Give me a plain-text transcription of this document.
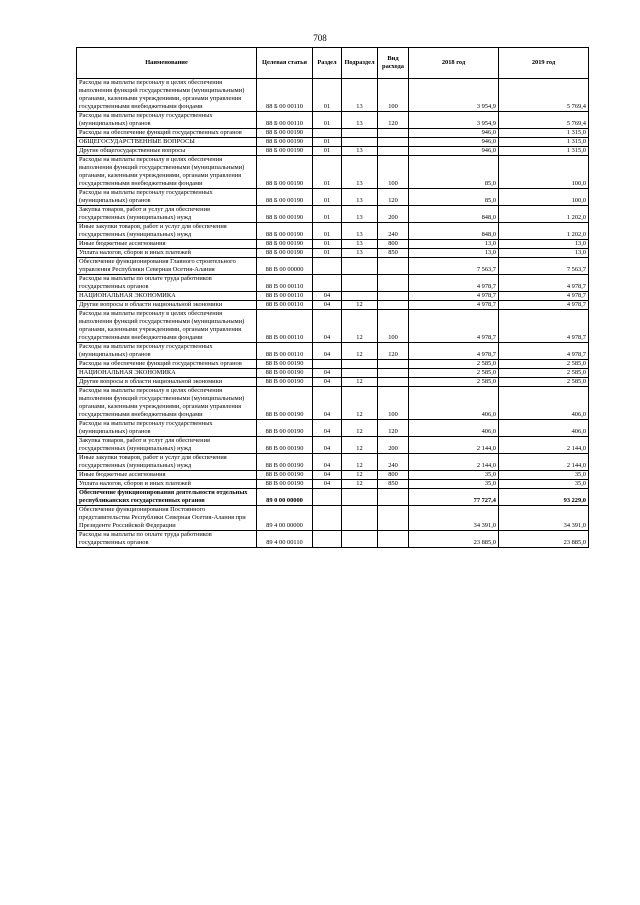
708
Наименование	Целевая статья	Раздел	Подраздел	Вид расхода	2018 год	2019 год
Расходы на выплаты персоналу в целях обеспечения выполнения функций государственными (муниципальными) органами, казенными учреждениями, органами управления государственными внебюджетными фондами	88 Б 00 00110	01	13	100	3 954,9	5 769,4
Расходы на выплаты персоналу государственных (муниципальных) органов	88 Б 00 00110	01	13	120	3 954,9	5 769,4
Расходы на обеспечение функций государственных органов	88 Б 00 00190				946,0	1 315,0
ОБЩЕГОСУДАРСТВЕННЫЕ ВОПРОСЫ	88 Б 00 00190	01			946,0	1 315,0
Другие общегосударственные вопросы	88 Б 00 00190	01	13		946,0	1 315,0
Расходы на выплаты персоналу в целях обеспечения выполнения функций государственными (муниципальными) органами, казенными учреждениями, органами управления государственными внебюджетными фондами	88 Б 00 00190	01	13	100	85,0	100,0
Расходы на выплаты персоналу государственных (муниципальных) органов	88 Б 00 00190	01	13	120	85,0	100,0
Закупка товаров, работ и услуг для обеспечения государственных (муниципальных) нужд	88 Б 00 00190	01	13	200	848,0	1 202,0
Иные закупки товаров, работ и услуг для обеспечения государственных (муниципальных) нужд	88 Б 00 00190	01	13	240	848,0	1 202,0
Иные бюджетные ассигнования	88 Б 00 00190	01	13	800	13,0	13,0
Уплата налогов, сборов и иных платежей	88 Б 00 00190	01	13	850	13,0	13,0
Обеспечение функционирования Главного строительного управления Республики Северная Осетия-Алания	88 В 00 00000				7 563,7	7 563,7
Расходы на выплаты по оплате труда работников государственных органов	88 В 00 00110				4 978,7	4 978,7
НАЦИОНАЛЬНАЯ ЭКОНОМИКА	88 В 00 00110	04			4 978,7	4 978,7
Другие вопросы в области национальной экономики	88 В 00 00110	04	12		4 978,7	4 978,7
Расходы на выплаты персоналу в целях обеспечения выполнения функций государственными (муниципальными) органами, казенными учреждениями, органами управления государственными внебюджетными фондами	88 В 00 00110	04	12	100	4 978,7	4 978,7
Расходы на выплаты персоналу государственных (муниципальных) органов	88 В 00 00110	04	12	120	4 978,7	4 978,7
Расходы на обеспечение функций государственных органов	88 В 00 00190				2 585,0	2 585,0
НАЦИОНАЛЬНАЯ ЭКОНОМИКА	88 В 00 00190	04			2 585,0	2 585,0
Другие вопросы в области национальной экономики	88 В 00 00190	04	12		2 585,0	2 585,0
Расходы на выплаты персоналу в целях обеспечения выполнения функций государственными (муниципальными) органами, казенными учреждениями, органами управления государственными внебюджетными фондами	88 В 00 00190	04	12	100	406,0	406,0
Расходы на выплаты персоналу государственных (муниципальных) органов	88 В 00 00190	04	12	120	406,0	406,0
Закупка товаров, работ и услуг для обеспечения государственных (муниципальных) нужд	88 В 00 00190	04	12	200	2 144,0	2 144,0
Иные закупки товаров, работ и услуг для обеспечения государственных (муниципальных) нужд	88 В 00 00190	04	12	240	2 144,0	2 144,0
Иные бюджетные ассигнования	88 В 00 00190	04	12	800	35,0	35,0
Уплата налогов, сборов и иных платежей	88 В 00 00190	04	12	850	35,0	35,0
Обеспечение функционирования деятельности отдельных республиканских государственных органов	89 0 00 00000				77 727,4	93 229,0
Обеспечение функционирования Постоянного представительства Республики Северная Осетия-Алания при Президенте Российской Федерации	89 4 00 00000				34 391,0	34 391,0
Расходы на выплаты по оплате труда работников государственных органов	89 4 00 00110				23 885,0	23 885,0
